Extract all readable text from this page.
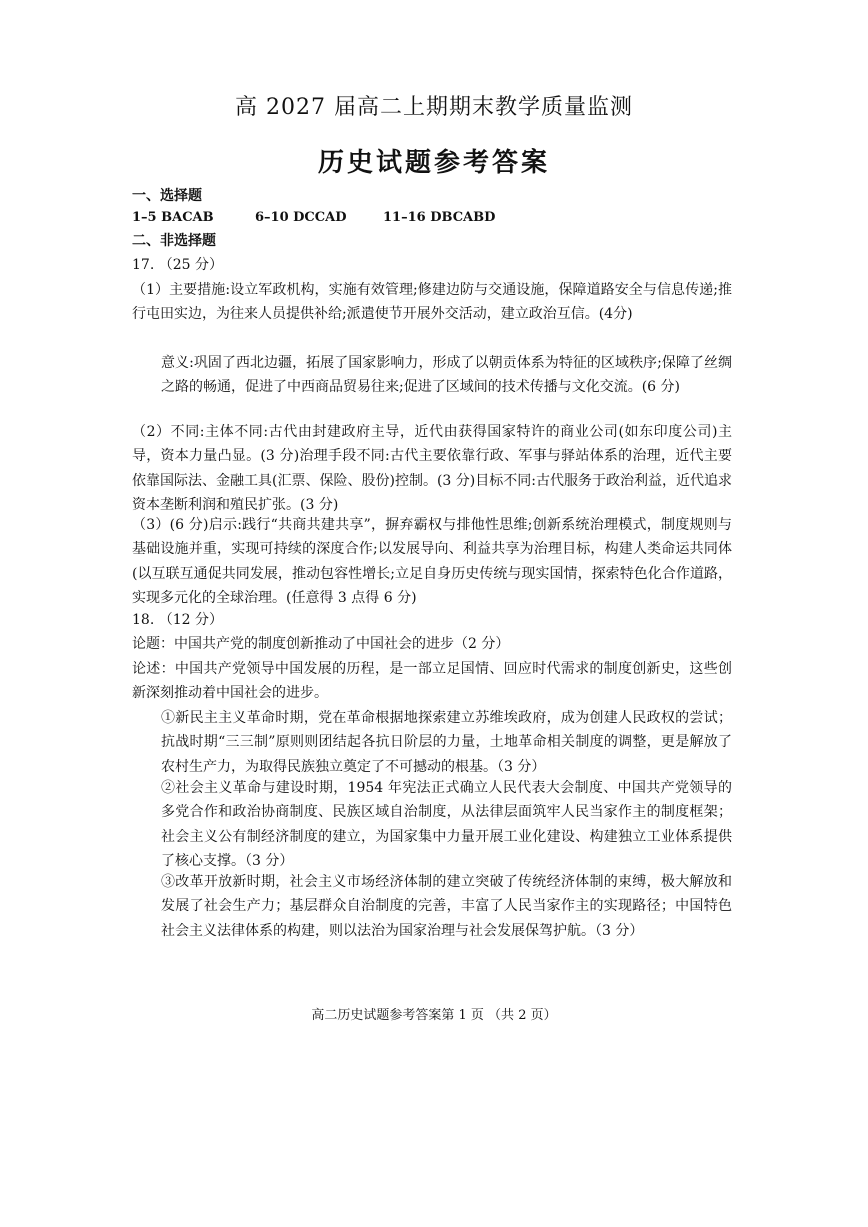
高 2027 届高二上期期末教学质量监测
历史试题参考答案
一、选择题
1–5 BACAB	6–10 DCCAD	11–16 DBCABD
二、非选择题
17. （25 分）
（1）主要措施:设立军政机构，实施有效管理;修建边防与交通设施，保障道路安全与信息传递;推行屯田实边，为往来人员提供补给;派遣使节开展外交活动，建立政治互信。(4分)
意义:巩固了西北边疆，拓展了国家影响力，形成了以朝贡体系为特征的区域秩序;保障了丝绸之路的畅通，促进了中西商品贸易往来;促进了区域间的技术传播与文化交流。(6 分)
（2）不同:主体不同:古代由封建政府主导，近代由获得国家特许的商业公司(如东印度公司)主导，资本力量凸显。(3 分)治理手段不同:古代主要依靠行政、军事与驿站体系的治理，近代主要依靠国际法、金融工具(汇票、保险、股份)控制。(3 分)目标不同:古代服务于政治利益，近代追求资本垄断利润和殖民扩张。(3 分)
（3）(6 分)启示:践行“共商共建共享”，摒弃霸权与排他性思维;创新系统治理模式，制度规则与基础设施并重，实现可持续的深度合作;以发展导向、利益共享为治理目标，构建人类命运共同体(以互联互通促共同发展，推动包容性增长;立足自身历史传统与现实国情，探索特色化合作道路，实现多元化的全球治理。(任意得 3 点得 6 分)
18. （12 分）
论题：中国共产党的制度创新推动了中国社会的进步（2 分）
论述：中国共产党领导中国发展的历程，是一部立足国情、回应时代需求的制度创新史，这些创新深刻推动着中国社会的进步。
①新民主主义革命时期，党在革命根据地探索建立苏维埃政府，成为创建人民政权的尝试；抗战时期“三三制”原则则团结起各抗日阶层的力量，土地革命相关制度的调整，更是解放了农村生产力，为取得民族独立奠定了不可撼动的根基。（3 分）
②社会主义革命与建设时期，1954 年宪法正式确立人民代表大会制度、中国共产党领导的多党合作和政治协商制度、民族区域自治制度，从法律层面筑牢人民当家作主的制度框架；社会主义公有制经济制度的建立，为国家集中力量开展工业化建设、构建独立工业体系提供了核心支撑。（3 分）
③改革开放新时期，社会主义市场经济体制的建立突破了传统经济体制的束缚，极大解放和发展了社会生产力；基层群众自治制度的完善，丰富了人民当家作主的实现路径；中国特色社会主义法律体系的构建，则以法治为国家治理与社会发展保驾护航。（3 分）
高二历史试题参考答案第 1 页 （共 2 页）
